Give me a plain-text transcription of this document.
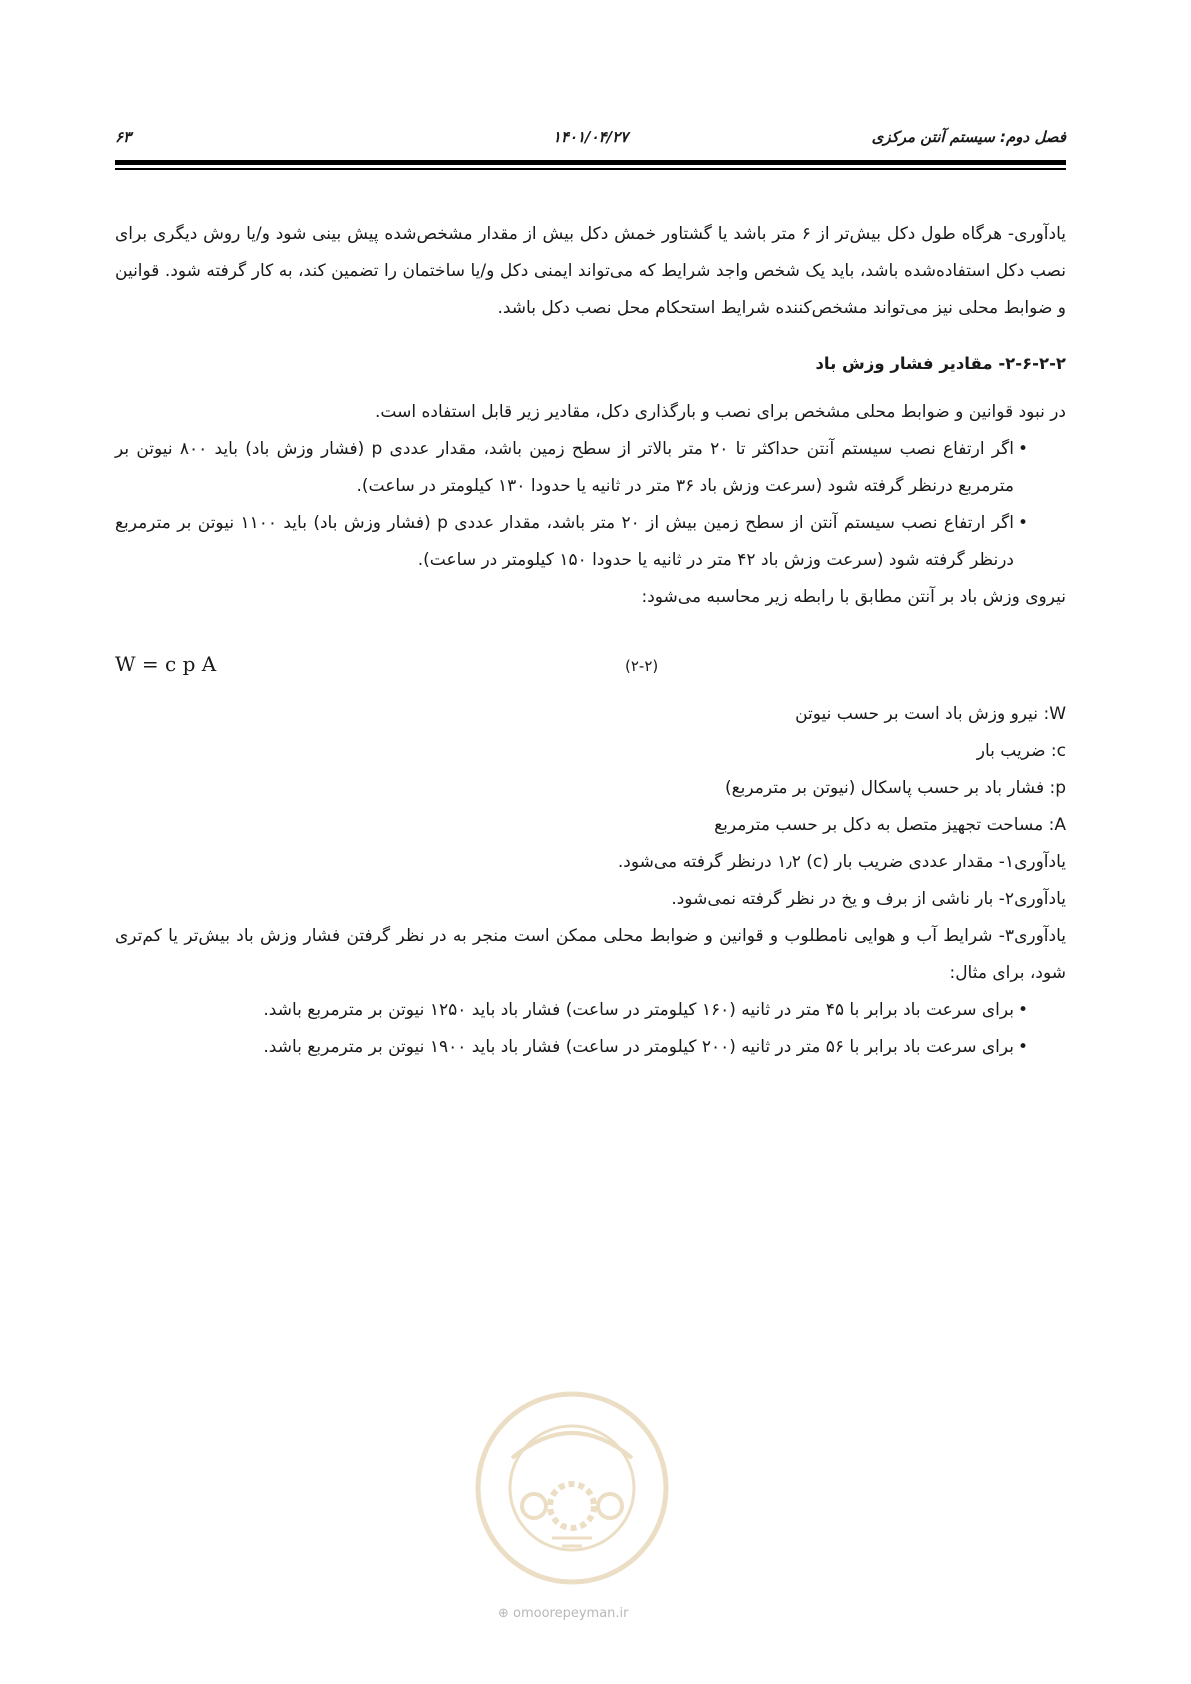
فصل دوم: سیستم آنتن مرکزی
۱۴۰۱/۰۴/۲۷
۶۳

یادآوری- هرگاه طول دکل بیش‌تر از ۶ متر باشد یا گشتاور خمش دکل بیش از مقدار مشخص‌شده پیش بینی شود و/یا روش دیگری برای نصب دکل استفاده‌شده باشد، باید یک شخص واجد شرایط که می‌تواند ایمنی دکل و/یا ساختمان را تضمین کند، به کار گرفته شود. قوانین و ضوابط محلی نیز می‌تواند مشخص‌کننده شرایط استحکام محل نصب دکل باشد.

۲-۶-۲-۲- مقادیر فشار وزش باد

در نبود قوانین و ضوابط محلی مشخص برای نصب و بارگذاری دکل، مقادیر زیر قابل استفاده است.

•
اگر ارتفاع نصب سیستم آنتن حداکثر تا ۲۰ متر بالاتر از سطح زمین باشد، مقدار عددی p (فشار وزش باد) باید ۸۰۰ نیوتن بر مترمربع درنظر گرفته شود (سرعت وزش باد ۳۶ متر در ثانیه یا حدودا ۱۳۰ کیلومتر در ساعت).
•
اگر ارتفاع نصب سیستم آنتن از سطح زمین بیش از ۲۰ متر باشد، مقدار عددی p (فشار وزش باد) باید ۱۱۰۰ نیوتن بر مترمربع درنظر گرفته شود (سرعت وزش باد ۴۲ متر در ثانیه یا حدودا ۱۵۰ کیلومتر در ساعت).

نیروی وزش باد بر آنتن مطابق با رابطه زیر محاسبه می‌شود:

W = c p A	(۲-۲)

W: نیرو وزش باد است بر حسب نیوتن

c: ضریب بار

p: فشار باد بر حسب پاسکال (نیوتن بر مترمربع)

A: مساحت تجهیز متصل به دکل بر حسب مترمربع

یادآوری۱- مقدار عددی ضریب بار (c) ۱٫۲ درنظر گرفته می‌شود.

یادآوری۲- بار ناشی از برف و یخ در نظر گرفته نمی‌شود.

یادآوری۳- شرایط آب و هوایی نامطلوب و قوانین و ضوابط محلی ممکن است منجر به در نظر گرفتن فشار وزش باد بیش‌تر یا کم‌تری شود، برای مثال:

•
برای سرعت باد برابر با ۴۵ متر در ثانیه (۱۶۰ کیلومتر در ساعت) فشار باد باید ۱۲۵۰ نیوتن بر مترمربع باشد.
•
برای سرعت باد برابر با ۵۶ متر در ثانیه (۲۰۰ کیلومتر در ساعت) فشار باد باید ۱۹۰۰ نیوتن بر مترمربع باشد.
⊕ omoorepeyman.ir
